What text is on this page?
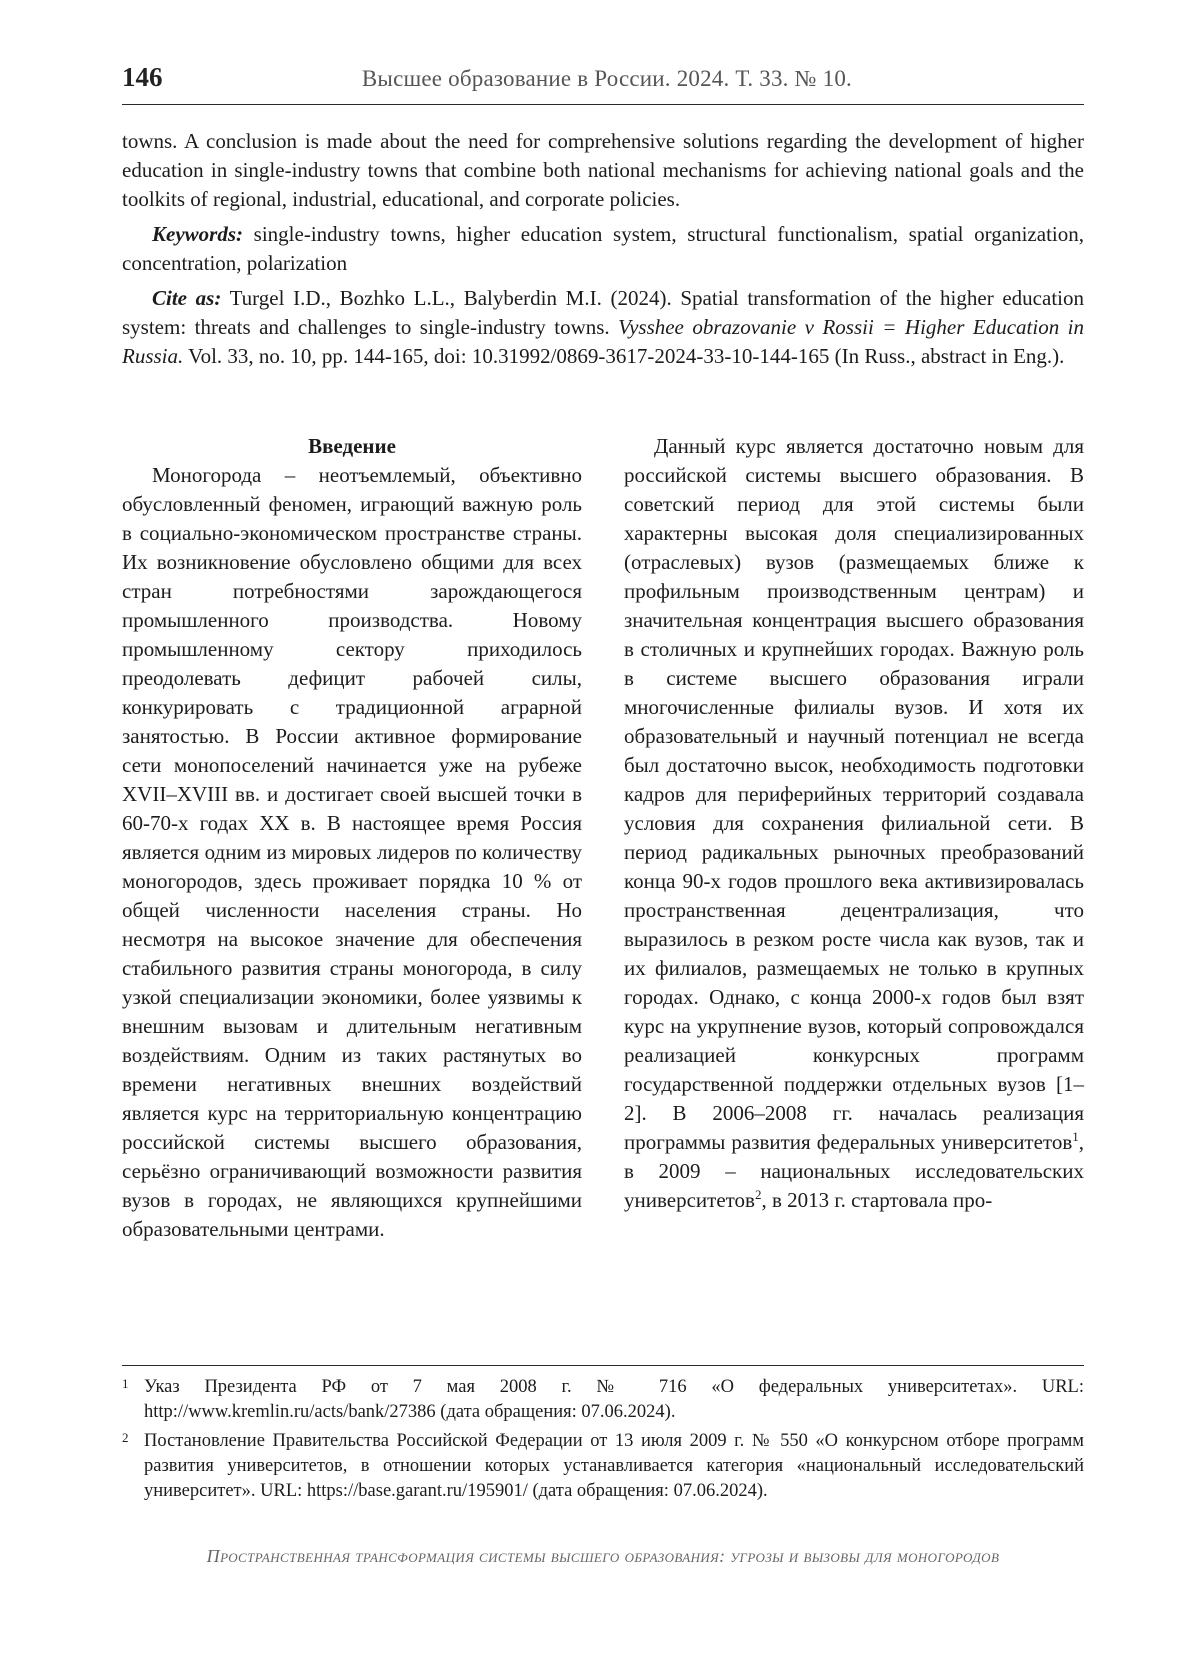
146	Высшее образование в России. 2024. Т. 33. № 10.

towns. A conclusion is made about the need for comprehensive solutions regarding the development of higher education in single-industry towns that combine both national mechanisms for achieving national goals and the toolkits of regional, industrial, educational, and corporate policies.

Keywords: single-industry towns, higher education system, structural functionalism, spatial organization, concentration, polarization

Cite as: Turgel I.D., Bozhko L.L., Balyberdin M.I. (2024). Spatial transformation of the higher education system: threats and challenges to single-industry towns. Vysshee obrazovanie v Rossii = Higher Education in Russia. Vol. 33, no. 10, pp. 144-165, doi: 10.31992/0869-3617-2024-33-10-144-165 (In Russ., abstract in Eng.).

Введение

Моногорода – неотъемлемый, объективно обусловленный феномен, играющий важную роль в социально-экономическом пространстве страны. Их возникновение обусловлено общими для всех стран потребностями зарождающегося промышленного производства. Новому промышленному сектору приходилось преодолевать дефицит рабочей силы, конкурировать с традиционной аграрной занятостью. В России активное формирование сети монопоселений начинается уже на рубеже XVII–XVIII вв. и достигает своей высшей точки в 60-70-х годах XX в. В настоящее время Россия является одним из мировых лидеров по количеству моногородов, здесь проживает порядка 10 % от общей численности населения страны. Но несмотря на высокое значение для обеспечения стабильного развития страны моногорода, в силу узкой специализации экономики, более уязвимы к внешним вызовам и длительным негативным воздействиям. Одним из таких растянутых во времени негативных внешних воздействий является курс на территориальную концентрацию российской системы высшего образования, серьёзно ограничивающий возможности развития вузов в городах, не являющихся крупнейшими образовательными центрами.

Данный курс является достаточно новым для российской системы высшего образования. В советский период для этой системы были характерны высокая доля специализированных (отраслевых) вузов (размещаемых ближе к профильным производственным центрам) и значительная концентрация высшего образования в столичных и крупнейших городах. Важную роль в системе высшего образования играли многочисленные филиалы вузов. И хотя их образовательный и научный потенциал не всегда был достаточно высок, необходимость подготовки кадров для периферийных территорий создавала условия для сохранения филиальной сети. В период радикальных рыночных преобразований конца 90-х годов прошлого века активизировалась пространственная децентрализация, что выразилось в резком росте числа как вузов, так и их филиалов, размещаемых не только в крупных городах. Однако, с конца 2000-х годов был взят курс на укрупнение вузов, который сопровождался реализацией конкурсных программ государственной поддержки отдельных вузов [1–2]. В 2006–2008 гг. началась реализация программы развития федеральных университетов$^1$, в 2009 – национальных исследовательских университетов$^2$, в 2013 г. стартовала про-

1 Указ Президента РФ от 7 мая 2008 г. № 716 «О федеральных университетах». URL: http://www.kremlin.ru/acts/bank/27386 (дата обращения: 07.06.2024).
2 Постановление Правительства Российской Федерации от 13 июля 2009 г. № 550 «О конкурсном отборе программ развития университетов, в отношении которых устанавливается категория «национальный исследовательский университет». URL: https://base.garant.ru/195901/ (дата обращения: 07.06.2024).
Пространственная трансформация системы высшего образования: угрозы и вызовы для моногородов
